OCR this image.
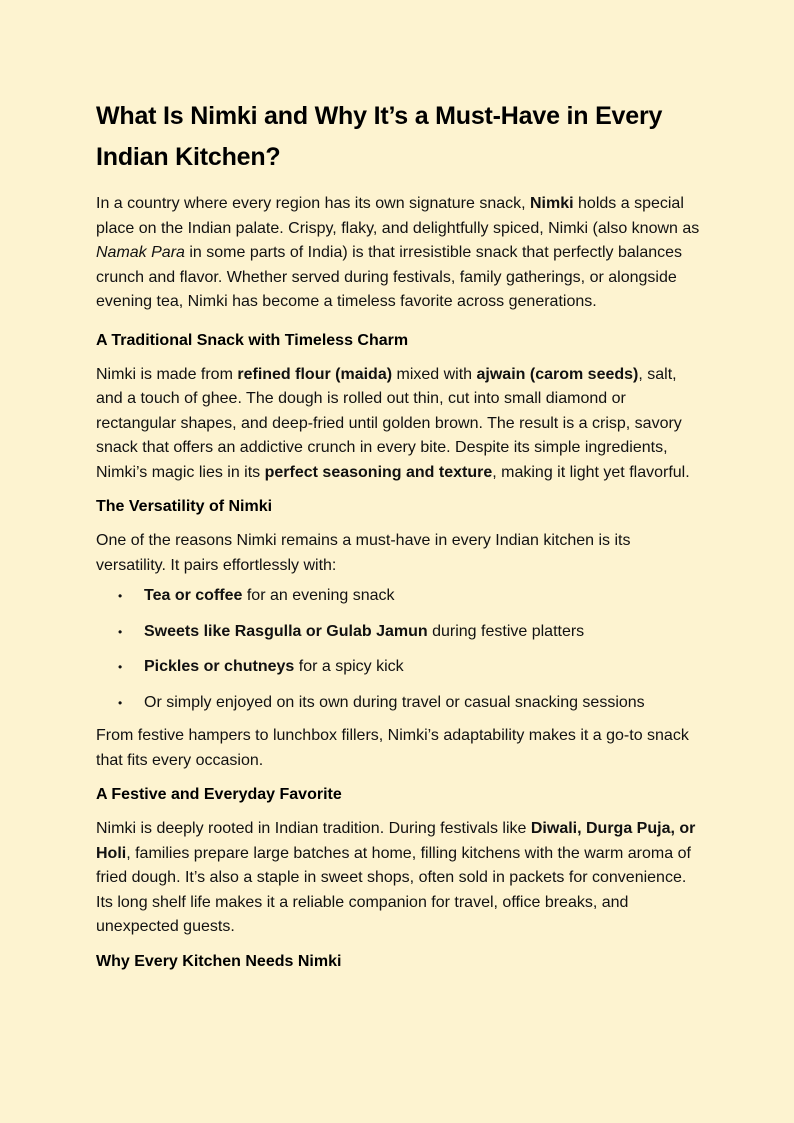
What Is Nimki and Why It’s a Must-Have in Every Indian Kitchen?

In a country where every region has its own signature snack, Nimki holds a special place on the Indian palate. Crispy, flaky, and delightfully spiced, Nimki (also known as Namak Para in some parts of India) is that irresistible snack that perfectly balances crunch and flavor. Whether served during festivals, family gatherings, or alongside evening tea, Nimki has become a timeless favorite across generations.

A Traditional Snack with Timeless Charm

Nimki is made from refined flour (maida) mixed with ajwain (carom seeds), salt, and a touch of ghee. The dough is rolled out thin, cut into small diamond or rectangular shapes, and deep-fried until golden brown. The result is a crisp, savory snack that offers an addictive crunch in every bite. Despite its simple ingredients, Nimki’s magic lies in its perfect seasoning and texture, making it light yet flavorful.

The Versatility of Nimki

One of the reasons Nimki remains a must-have in every Indian kitchen is its versatility. It pairs effortlessly with:

• Tea or coffee for an evening snack
• Sweets like Rasgulla or Gulab Jamun during festive platters
• Pickles or chutneys for a spicy kick
• Or simply enjoyed on its own during travel or casual snacking sessions

From festive hampers to lunchbox fillers, Nimki’s adaptability makes it a go-to snack that fits every occasion.

A Festive and Everyday Favorite

Nimki is deeply rooted in Indian tradition. During festivals like Diwali, Durga Puja, or Holi, families prepare large batches at home, filling kitchens with the warm aroma of fried dough. It’s also a staple in sweet shops, often sold in packets for convenience. Its long shelf life makes it a reliable companion for travel, office breaks, and unexpected guests.

Why Every Kitchen Needs Nimki
